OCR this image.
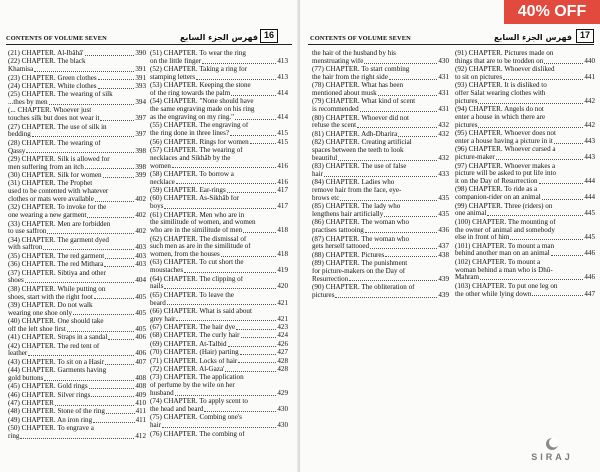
CONTENTS OF VOLUME SEVEN	فهرس الجزء السابع 16
(21) CHAPTER. Al-Ibâhâ'	390
(22) CHAPTER. The black
Khamisa	391
(23) CHAPTER. Green clothes	391
(24) CHAPTER. White clothes	393
(25) CHAPTER. The wearing of silk
...thes by men	394
(... CHAPTER. Whoever just
touches silk but does not wear it	397
(27) CHAPTER. The use of silk in
bedding	397
(28) CHAPTER. The wearing of
Qassy	398
(29) CHAPTER. Silk is allowed for
men suffering from an itch	398
(30) CHAPTER. Silk for women	399
(31) CHAPTER. The Prophet
used to be contented with whatever
clothes or mats were available	402
(32) CHAPTER. To invoke for the
one wearing a new garment	402
(33) CHAPTER. Men are forbidden
to use saffron	402
(34) CHAPTER. The garment dyed
with saffron	403
(35) CHAPTER. The red garment	403
(36) CHAPTER. The red Mithara	403
(37) CHAPTER. Sibtiya and other
shoes	404
(38) CHAPTER. While putting on
shoes, start with the right foot	405
(39) CHAPTER. Do not walk
wearing one shoe only	405
(40) CHAPTER. One should take
off the left shoe first	405
(41) CHAPTER. Straps in a sandal	406
(42) CHAPTER. The red tent of
leather	406
(43) CHAPTER. To sit on a Hasir	407
(44) CHAPTER. Garments having
gold buttons	408
(45) CHAPTER. Gold rings	408
(46) CHAPTER. Silver rings	409
(47) CHAPTER	410
(48) CHAPTER. Stone of the ring	411
(49) CHAPTER. An iron ring	411
(50) CHAPTER. To engrave a
ring	412
(51) CHAPTER. To wear the ring
on the little finger	413
(52) CHAPTER. Taking a ring for
stamping letters	413
(53) CHAPTER. Keeping the stone
of the ring towards the palm	414
(54) CHAPTER. "None should have
the same engraving made on his ring
as the engraving on my ring."	414
(55) CHAPTER. The engraving of
the ring done in three lines?	415
(56) CHAPTER. Rings for women	415
(57) CHAPTER. The wearing of
necklaces and Sikhâb by the
women	416
(58) CHAPTER. To borrow a
necklace	416
(59) CHAPTER. Ear-rings	417
(60) CHAPTER. As-Sikhâb for
boys	417
(61) CHAPTER. Men who are in
the similitude of women, and women
who are in the similitude of men	418
(62) CHAPTER. The dismissal of
such men as are in the similitude of
women, from the houses	418
(63) CHAPTER. To cut short the
moustaches	419
(64) CHAPTER. The clipping of
nails	420
(65) CHAPTER. To leave the
beard	421
(66) CHAPTER. What is said about
grey hair	421
(67) CHAPTER. The hair dye	423
(68) CHAPTER. The curly hair	424
(69) CHAPTER. At-Talbid	426
(70) CHAPTER. (Hair) parting	427
(71) CHAPTER. Locks of hair	428
(72) CHAPTER. Al-Gaza'	428
(73) CHAPTER. The application
of perfume by the wife on her
husband	429
(74) CHAPTER. To apply scent to
the head and beard	430
(75) CHAPTER. Combing one's
hair	430
(76) CHAPTER. The combing of
CONTENTS OF VOLUME SEVEN	فهرس الجزء السابع 17
the hair of the husband by his
menstruating wife	430
(77) CHAPTER. To start combing
the hair from the right side	431
(78) CHAPTER. What has been
mentioned about musk	431
(79) CHAPTER. What kind of scent
is recommended	431
(80) CHAPTER. Whoever did not
refuse the scent	432
(81) CHAPTER. Adh-Dharira	432
(82) CHAPTER. Creating artificial
spaces between the teeth to look
beautiful	432
(83) CHAPTER. The use of false
hair	433
(84) CHAPTER. Ladies who
remove hair from the face, eye-
brows etc	435
(85) CHAPTER. The lady who
lengthens hair artificially	435
(86) CHAPTER. The woman who
practises tattooing	436
(87) CHAPTER. The woman who
gets herself tattooed	437
(88) CHAPTER. Pictures	438
(89) CHAPTER. The punishment
for picture-makers on the Day of
Resurrection	439
(90) CHAPTER. The obliteration of
pictures	439
(91) CHAPTER. Pictures made on
things that are to be trodden on	440
(92) CHAPTER. Whoever disliked
to sit on pictures	441
(93) CHAPTER. It is disliked to
offer Salat wearing clothes with
pictures	442
(94) CHAPTER. Angels do not
enter a house in which there are
pictures	442
(95) CHAPTER. Whoever does not
enter a house having a picture in it	443
(96) CHAPTER. Whoever cursed a
picture-maker	443
(97) CHAPTER. Whoever makes a
picture will be asked to put life into
it on the Day of Resurrection	444
(98) CHAPTER. To ride as a
companion-rider on an animal	444
(99) CHAPTER. Three (riders) on
one animal	445
(100) CHAPTER. The mounting of
the owner of animal and somebody
else in front of him	445
(101) CHAPTER. To mount a man
behind another man on an animal	446
(102) CHAPTER. To mount a
woman behind a man who is Dhû-
Mahram	446
(103) CHAPTER. To put one leg on
the other while lying down	447
40% OFF
SIRAJ
